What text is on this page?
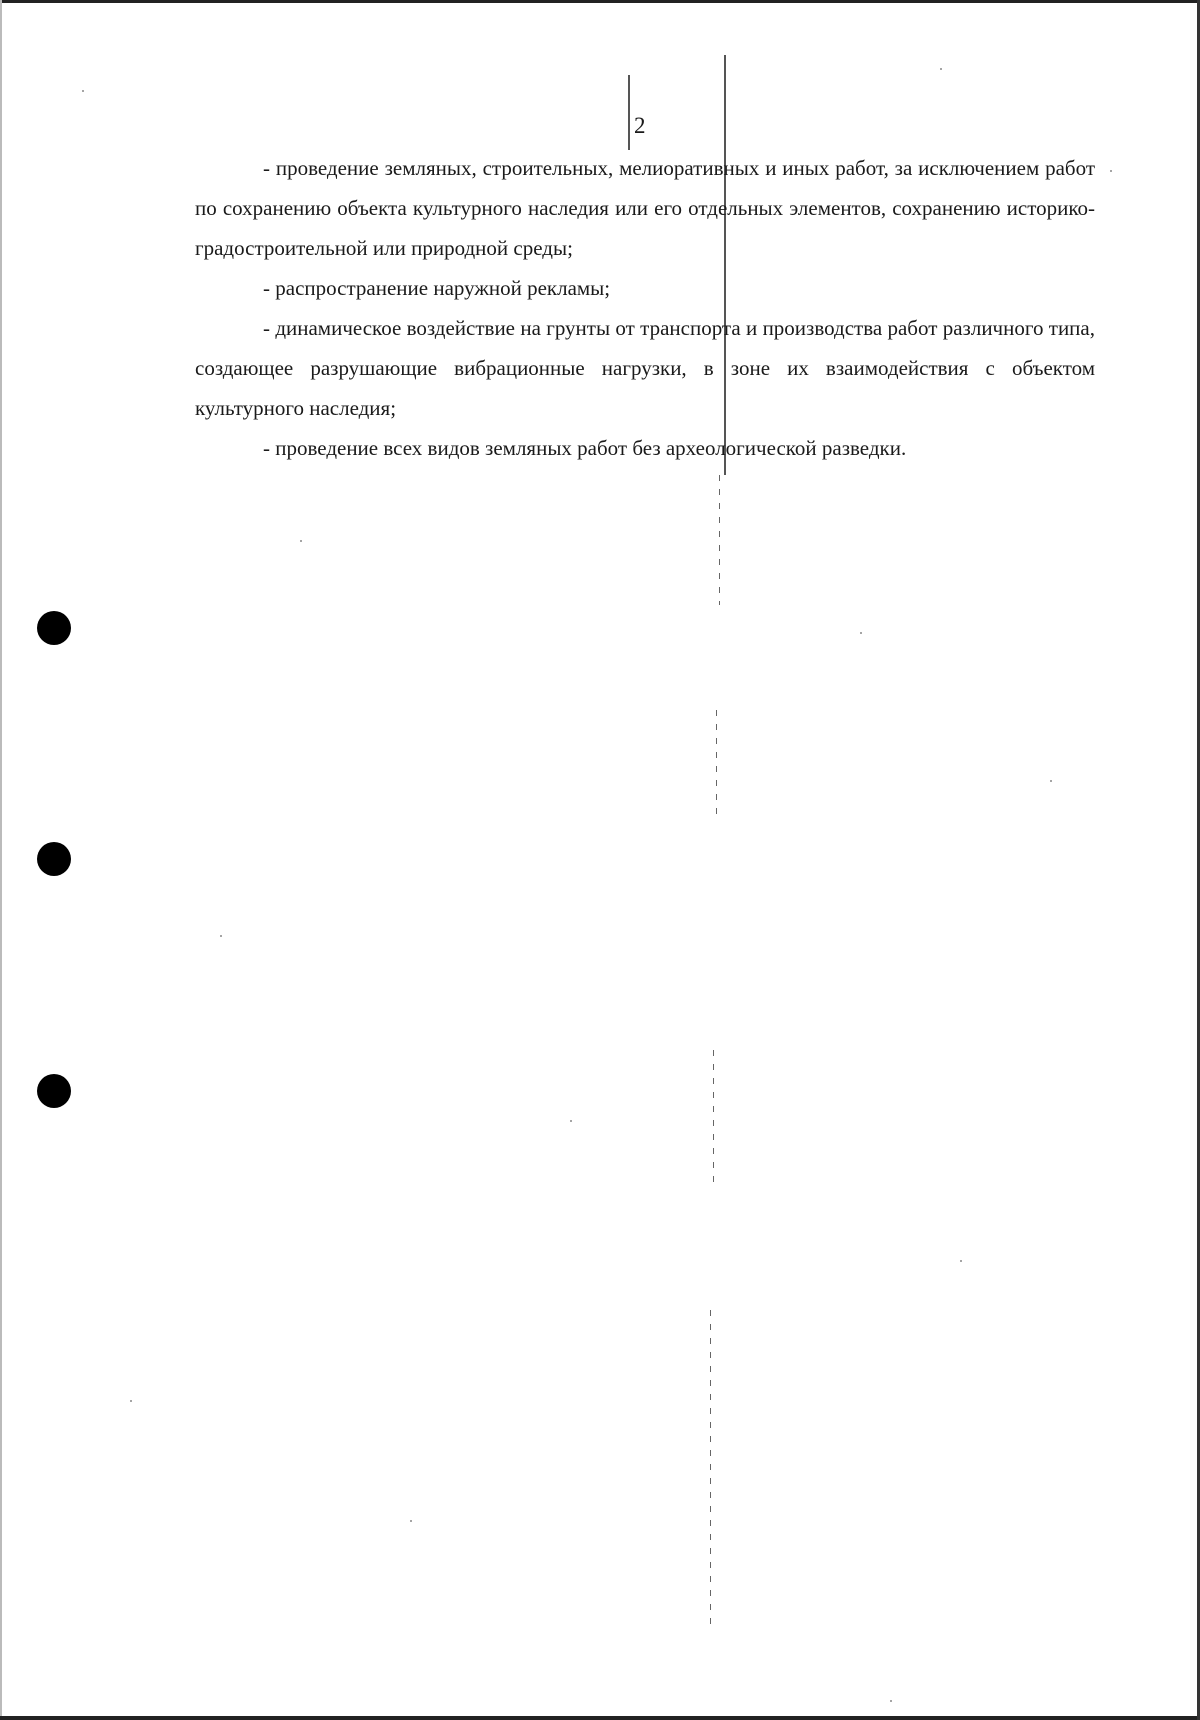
2

- проведение земляных, строительных, мелиоративных и иных работ, за исключением работ по сохранению объекта культурного наследия или его отдельных элементов, сохранению историко-градостроительной или природной среды;

- распространение наружной рекламы;

- динамическое воздействие на грунты от транспорта и производства работ различного типа, создающее разрушающие вибрационные нагрузки, в зоне их взаимодействия с объектом культурного наследия;

- проведение всех видов земляных работ без археологической разведки.
